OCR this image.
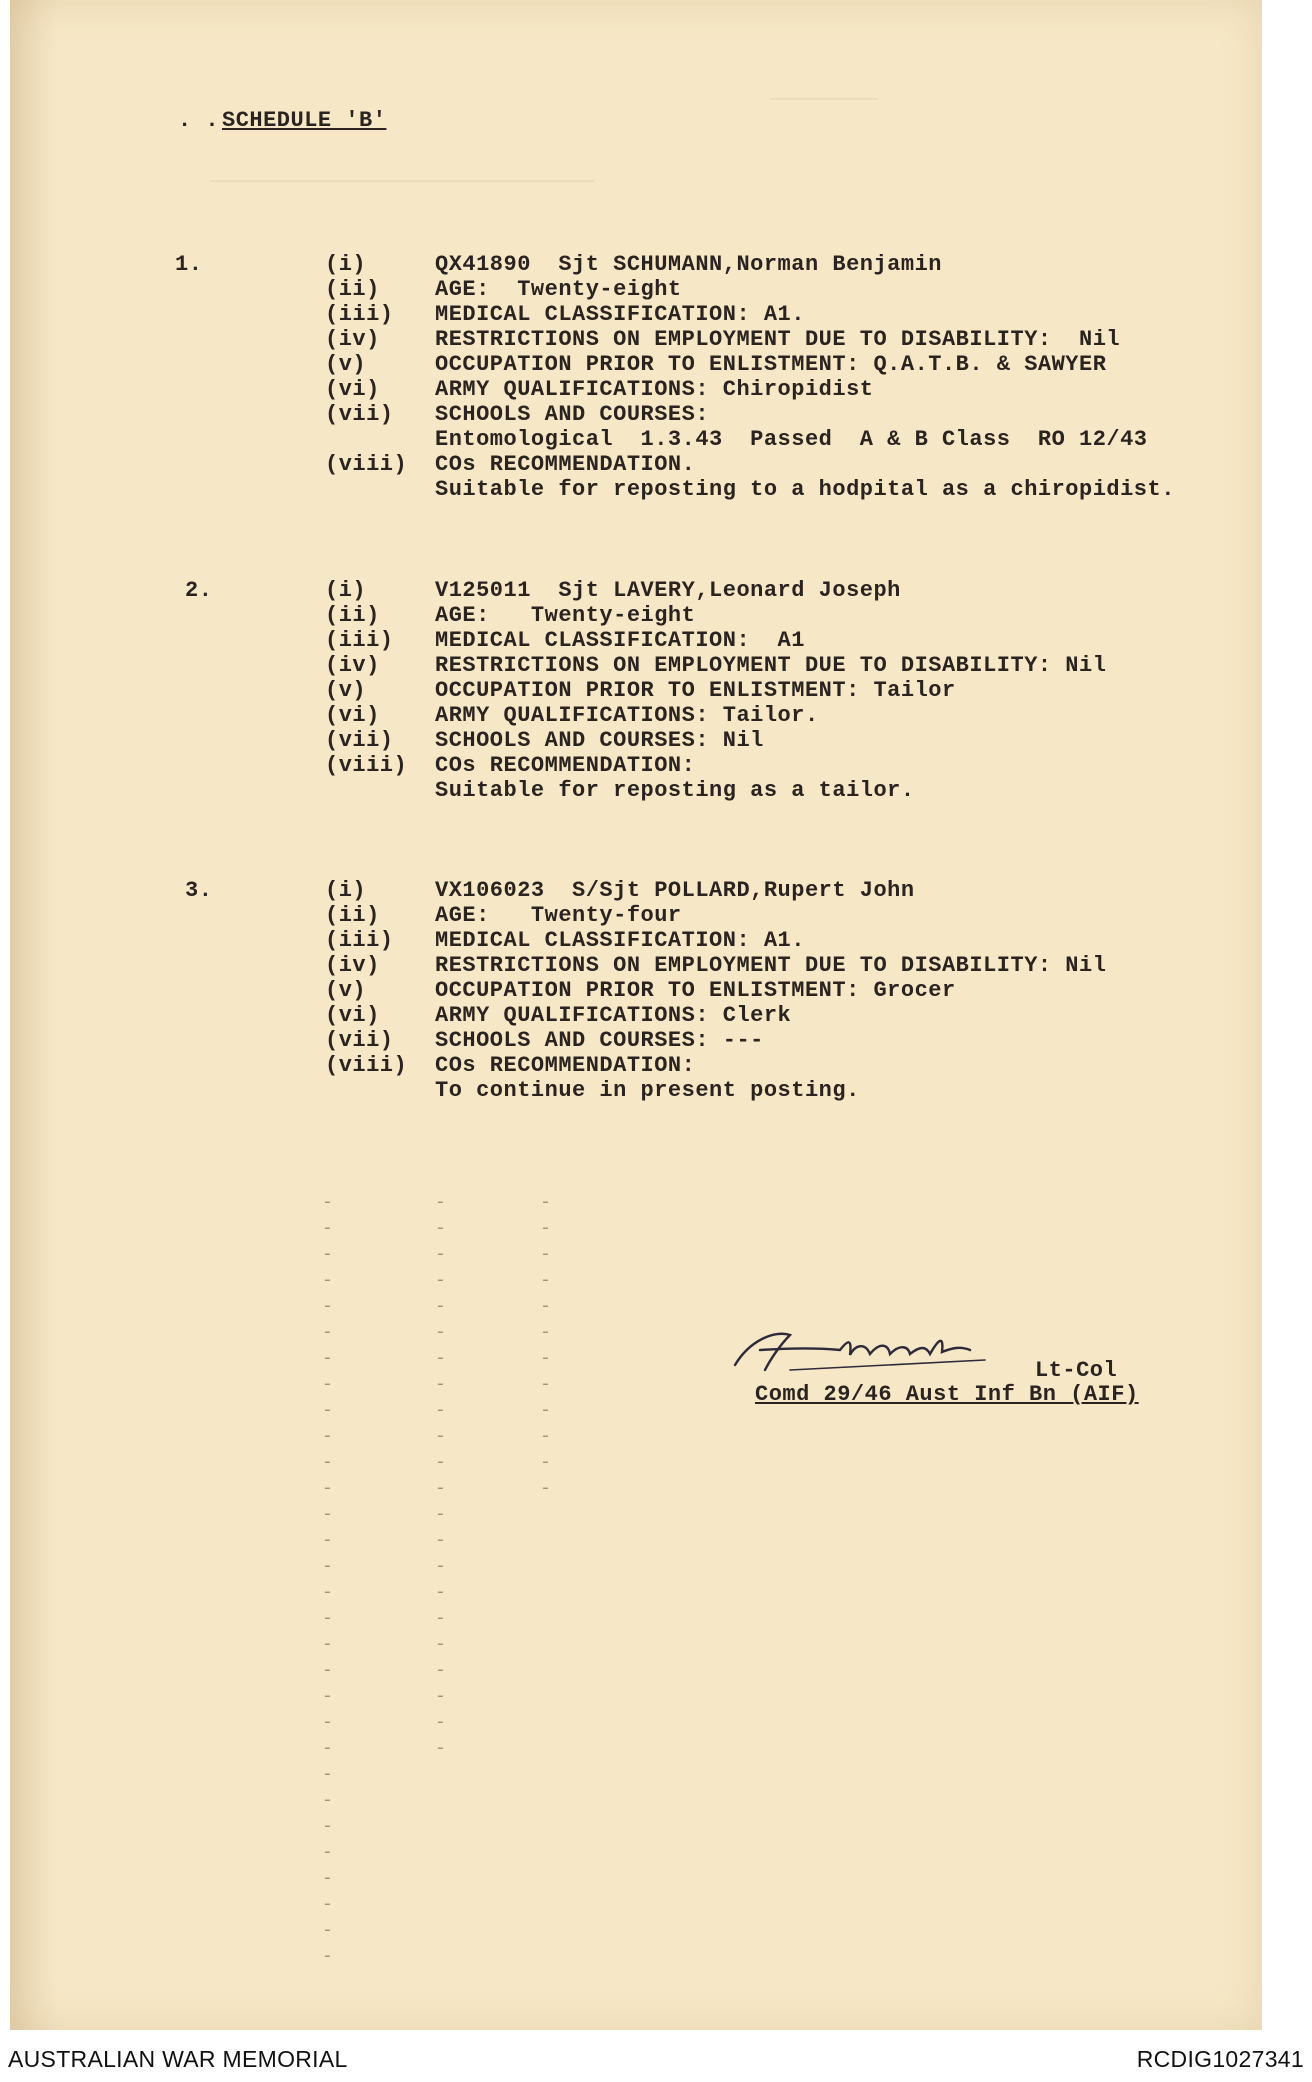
‾‾‾‾‾‾‾‾‾
‾‾‾‾‾‾‾‾‾‾‾‾‾‾‾‾‾‾‾‾‾‾‾‾‾‾‾‾‾‾‾‾
. . SCHEDULE 'B'
1.	(i)	QX41890  Sjt SCHUMANN,Norman Benjamin
(ii)	AGE:  Twenty-eight
(iii) MEDICAL CLASSIFICATION: A1.
(iv)	RESTRICTIONS ON EMPLOYMENT DUE TO DISABILITY:  Nil
(v)	OCCUPATION PRIOR TO ENLISTMENT: Q.A.T.B. & SAWYER
(vi)	ARMY QUALIFICATIONS: Chiropidist
(vii) SCHOOLS AND COURSES:
Entomological  1.3.43  Passed  A & B Class  RO 12/43
(viii) COs RECOMMENDATION.
Suitable for reposting to a hodpital as a chiropidist.
2.	(i)	V125011  Sjt LAVERY,Leonard Joseph
(ii)	AGE:   Twenty-eight
(iii) MEDICAL CLASSIFICATION:  A1
(iv)	RESTRICTIONS ON EMPLOYMENT DUE TO DISABILITY: Nil
(v)	OCCUPATION PRIOR TO ENLISTMENT: Tailor
(vi)	ARMY QUALIFICATIONS: Tailor.
(vii) SCHOOLS AND COURSES: Nil
(viii) COs RECOMMENDATION:
Suitable for reposting as a tailor.
3.	(i)	VX106023  S/Sjt POLLARD,Rupert John
(ii)	AGE:   Twenty-four
(iii) MEDICAL CLASSIFICATION: A1.
(iv)	RESTRICTIONS ON EMPLOYMENT DUE TO DISABILITY: Nil
(v)	OCCUPATION PRIOR TO ENLISTMENT: Grocer
(vi)	ARMY QUALIFICATIONS: Clerk
(vii) SCHOOLS AND COURSES: ---
(viii) COs RECOMMENDATION:
To continue in present posting.
-
-
-
-
-
-
-
-
-
-
-
-
-
-
-
-
-
-
-
-
-
-
-
-
-
-
-
-
-
-
-
-
-
-
-
-
-
-
-
-
-
-
-
-
-
-
-
-
-
-
-
-
-
-
-
-
-
-
-
-
-
-
-
-
Lt-Col
Comd 29/46 Aust Inf Bn (AIF)
AUSTRALIAN WAR MEMORIAL	RCDIG1027341
